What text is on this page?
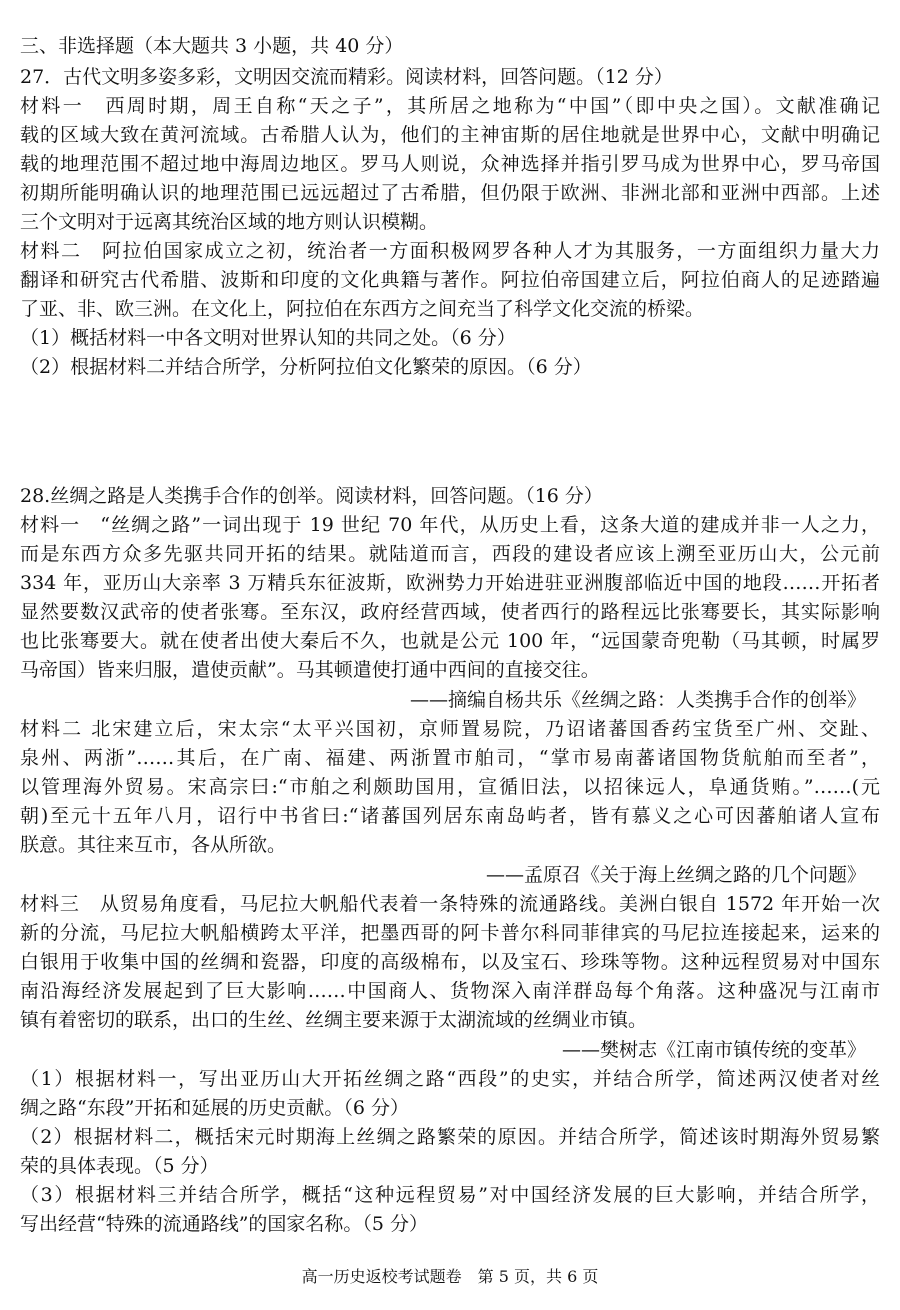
三、非选择题（本大题共 3 小题，共 40 分）

27．古代文明多姿多彩，文明因交流而精彩。阅读材料，回答问题。（12 分）

材料一　西周时期，周王自称“天之子”，其所居之地称为“中国”（即中央之国）。文献准确记

载的区域大致在黄河流域。古希腊人认为，他们的主神宙斯的居住地就是世界中心，文献中明确记

载的地理范围不超过地中海周边地区。罗马人则说，众神选择并指引罗马成为世界中心，罗马帝国

初期所能明确认识的地理范围已远远超过了古希腊，但仍限于欧洲、非洲北部和亚洲中西部。上述

三个文明对于远离其统治区域的地方则认识模糊。

材料二　阿拉伯国家成立之初，统治者一方面积极网罗各种人才为其服务，一方面组织力量大力

翻译和研究古代希腊、波斯和印度的文化典籍与著作。阿拉伯帝国建立后，阿拉伯商人的足迹踏遍

了亚、非、欧三洲。在文化上，阿拉伯在东西方之间充当了科学文化交流的桥梁。

（1）概括材料一中各文明对世界认知的共同之处。（6 分）

（2）根据材料二并结合所学，分析阿拉伯文化繁荣的原因。（6 分）

28.丝绸之路是人类携手合作的创举。阅读材料，回答问题。（16 分）

材料一　“丝绸之路”一词出现于 19 世纪 70 年代，从历史上看，这条大道的建成并非一人之力，

而是东西方众多先驱共同开拓的结果。就陆道而言，西段的建设者应该上溯至亚历山大，公元前

334 年，亚历山大亲率 3 万精兵东征波斯，欧洲势力开始进驻亚洲腹部临近中国的地段……开拓者

显然要数汉武帝的使者张骞。至东汉，政府经营西域，使者西行的路程远比张骞要长，其实际影响

也比张骞要大。就在使者出使大秦后不久，也就是公元 100 年，“远国蒙奇兜勒（马其顿，时属罗

马帝国）皆来归服，遣使贡献”。马其顿遣使打通中西间的直接交往。

——摘编自杨共乐《丝绸之路：人类携手合作的创举》

材料二 北宋建立后，宋太宗“太平兴国初，京师置易院，乃诏诸蕃国香药宝货至广州、交趾、

泉州、两浙”……其后，在广南、福建、两浙置市舶司，“掌市易南蕃诸国物货航舶而至者”，

以管理海外贸易。宋高宗曰:“市舶之利颇助国用，宣循旧法，以招徕远人，阜通货贿。”……(元

朝)至元十五年八月，诏行中书省曰:“诸蕃国列居东南岛屿者，皆有慕义之心可因蕃舶诸人宣布

朕意。其往来互市，各从所欲。

——孟原召《关于海上丝绸之路的几个问题》

材料三　从贸易角度看，马尼拉大帆船代表着一条特殊的流通路线。美洲白银自 1572 年开始一次

新的分流，马尼拉大帆船横跨太平洋，把墨西哥的阿卡普尔科同菲律宾的马尼拉连接起来，运来的

白银用于收集中国的丝绸和瓷器，印度的高级棉布，以及宝石、珍珠等物。这种远程贸易对中国东

南沿海经济发展起到了巨大影响……中国商人、货物深入南洋群岛每个角落。这种盛况与江南市

镇有着密切的联系，出口的生丝、丝绸主要来源于太湖流域的丝绸业市镇。

——樊树志《江南市镇传统的变革》

（1）根据材料一，写出亚历山大开拓丝绸之路“西段”的史实，并结合所学，简述两汉使者对丝

绸之路“东段”开拓和延展的历史贡献。（6 分）

（2）根据材料二，概括宋元时期海上丝绸之路繁荣的原因。并结合所学，简述该时期海外贸易繁

荣的具体表现。（5 分）

（3）根据材料三并结合所学，概括“这种远程贸易”对中国经济发展的巨大影响，并结合所学，

写出经营“特殊的流通路线”的国家名称。（5 分）

高一历史返校考试题卷　第 5 页，共 6 页
